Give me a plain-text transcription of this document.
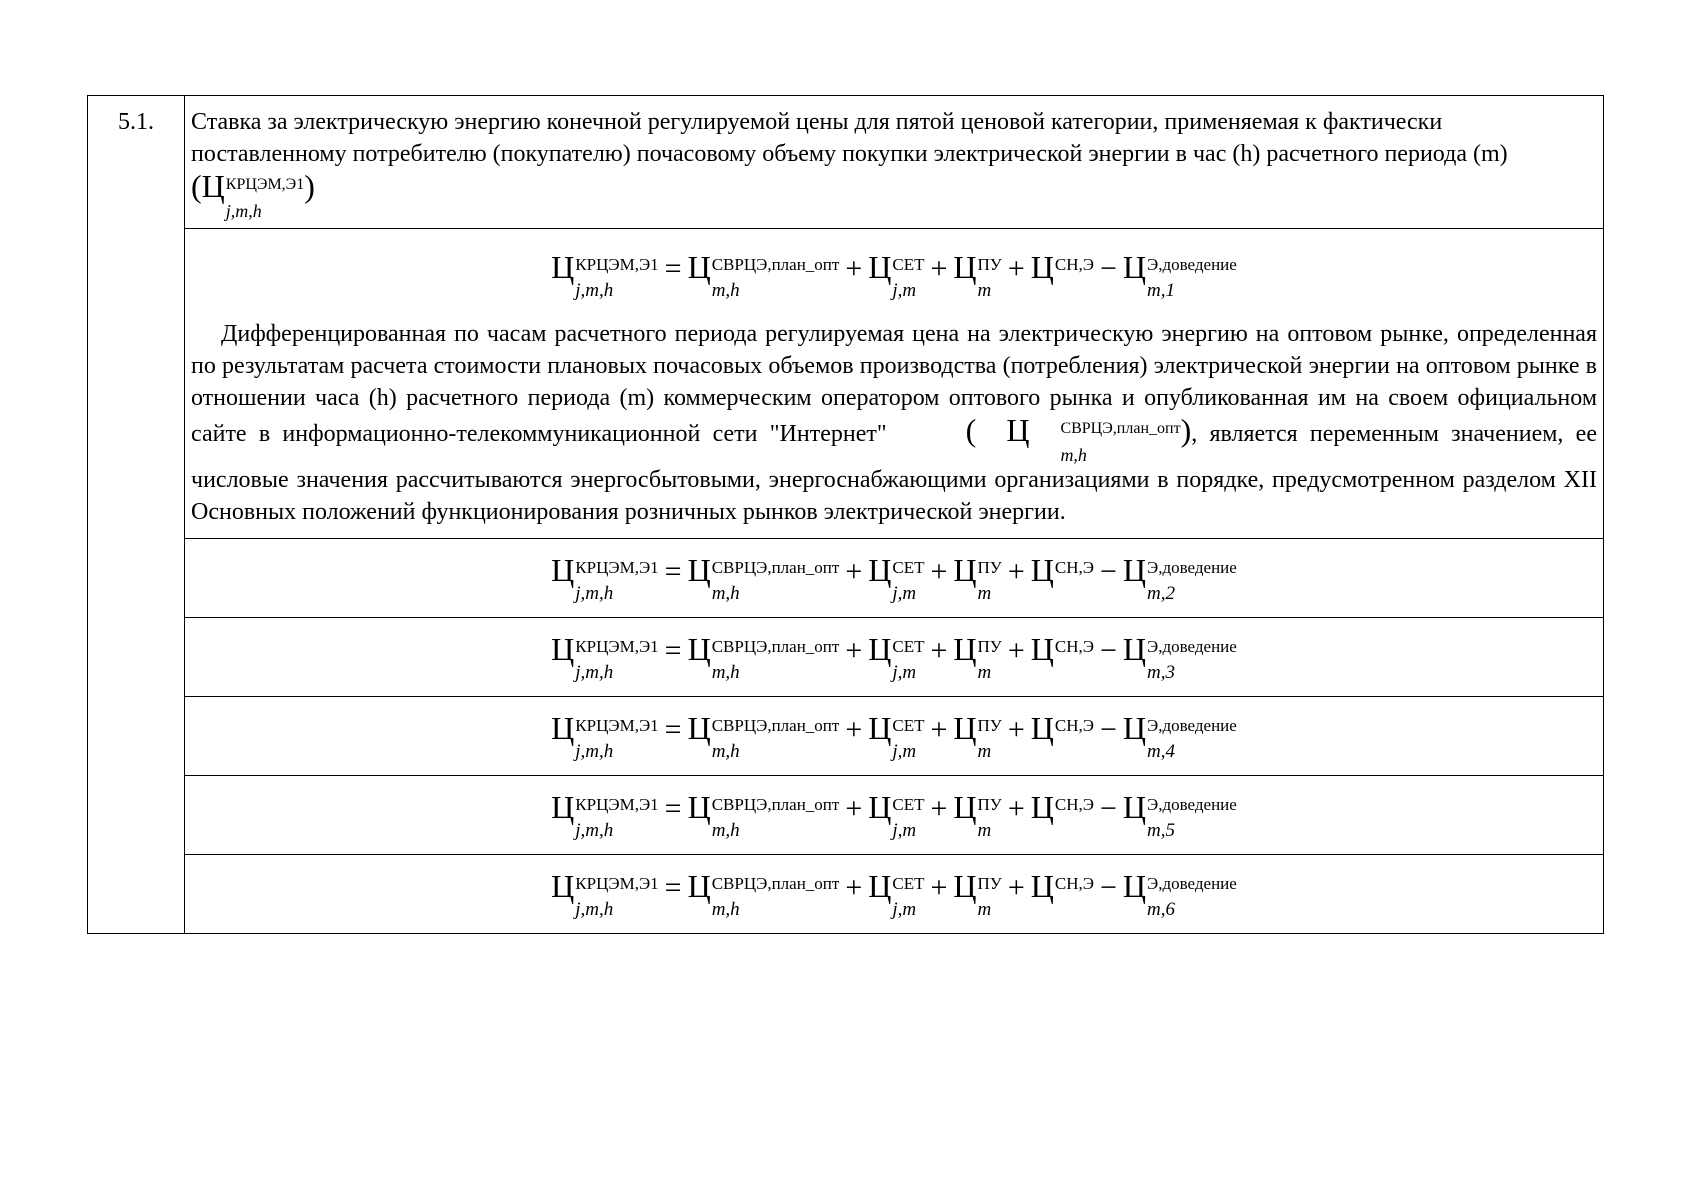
5.1.	Ставка за электрическую энергию конечной регулируемой цены для пятой ценовой категории, применяемая к фактически поставленному потребителю (покупателю) почасовому объему покупки электрической энергии в час (h) расчетного периода (m) (Ц КРЦЭМ,Э1
j,m,h
)

Ц КРЦЭМ,Э1
j,m,h
= Ц СВРЦЭ,план_опт
m,h
+ Ц СЕТ
j,m
+ Ц ПУ
m
+ Ц СН,Э
− Ц Э,доведение
m,1

Дифференцированная по часам расчетного периода регулируемая цена на электрическую энергию на оптовом рынке, определенная по результатам расчета стоимости плановых почасовых объемов производства (потребления) электрической энергии на оптовом рынке в отношении часа (h) расчетного периода (m) коммерческим оператором оптового рынка и опубликованная им на своем официальном сайте в информационно-телекоммуникационной сети "Интернет" ( Ц	СВРЦЭ,план_опт
m,h
), является переменным значением, ее числовые значения рассчитываются энергосбытовыми, энергоснабжающими организациями в порядке, предусмотренном разделом XII Основных положений функционирования розничных рынков электрической энергии.

Ц КРЦЭМ,Э1
j,m,h
= Ц СВРЦЭ,план_опт
m,h
+ Ц СЕТ
j,m
+ Ц ПУ
m
+ Ц СН,Э
− Ц Э,доведение
m,2

Ц КРЦЭМ,Э1
j,m,h
= Ц СВРЦЭ,план_опт
m,h
+ Ц СЕТ
j,m
+ Ц ПУ
m
+ Ц СН,Э
− Ц Э,доведение
m,3

Ц КРЦЭМ,Э1
j,m,h
= Ц СВРЦЭ,план_опт
m,h
+ Ц СЕТ
j,m
+ Ц ПУ
m
+ Ц СН,Э
− Ц Э,доведение
m,4

Ц КРЦЭМ,Э1
j,m,h
= Ц СВРЦЭ,план_опт
m,h
+ Ц СЕТ
j,m
+ Ц ПУ
m
+ Ц СН,Э
− Ц Э,доведение
m,5

Ц КРЦЭМ,Э1
j,m,h
= Ц СВРЦЭ,план_опт
m,h
+ Ц СЕТ
j,m
+ Ц ПУ
m
+ Ц СН,Э
− Ц Э,доведение
m,6
